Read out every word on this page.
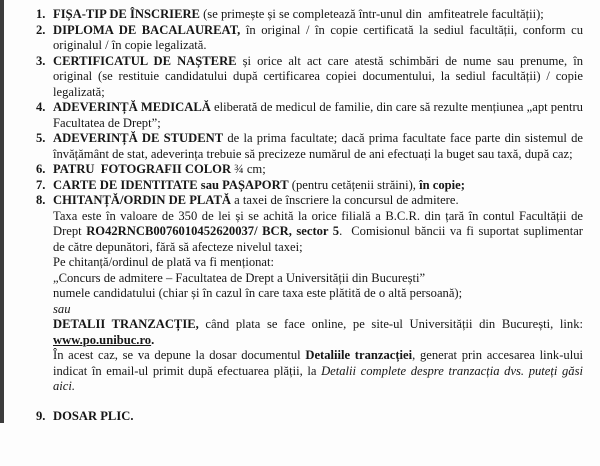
1. FIȘA-TIP DE ÎNSCRIERE (se primește și se completează într-unul din  amfiteatrele facultății);

2. DIPLOMA DE BACALAUREAT, în original / în copie certificată la sediul facultății, conform cu originalul / în copie legalizată.

3. CERTIFICATUL DE NAȘTERE și orice alt act care atestă schimbări de nume sau prenume, în original (se restituie candidatului după certificarea copiei documentului, la sediul facultății) / copie legalizată;

4. ADEVERINȚĂ MEDICALĂ eliberată de medicul de familie, din care să rezulte mențiunea „apt pentru Facultatea de Drept”;

5. ADEVERINȚĂ DE STUDENT de la prima facultate; dacă prima facultate face parte din sistemul de învățământ de stat, adeverința trebuie să precizeze numărul de ani efectuați la buget sau taxă, după caz;

6. PATRU  FOTOGRAFII COLOR ¾ cm;

7. CARTE DE IDENTITATE sau PAȘAPORT (pentru cetățenii străini), în copie;

8. CHITANȚĂ/ORDIN DE PLATĂ a taxei de înscriere la concursul de admitere.

Taxa este în valoare de 350 de lei și se achită la orice filială a B.C.R. din țară în contul Facultății de Drept RO42RNCB0076010452620037/ BCR, sector 5.  Comisionul băncii va fi suportat suplimentar de către depunători, fără să afecteze nivelul taxei;

Pe chitanță/ordinul de plată va fi menționat:

„Concurs de admitere – Facultatea de Drept a Universității din București”

numele candidatului (chiar și în cazul în care taxa este plătită de o altă persoană);

sau

DETALII TRANZACȚIE, când plata se face online, pe site-ul Universității din București, link: www.po.unibuc.ro.

În acest caz, se va depune la dosar documentul Detaliile tranzacției, generat prin accesarea link-ului indicat în email-ul primit după efectuarea plății, la Detalii complete despre tranzacția dvs. puteți găsi aici.

9. DOSAR PLIC.
